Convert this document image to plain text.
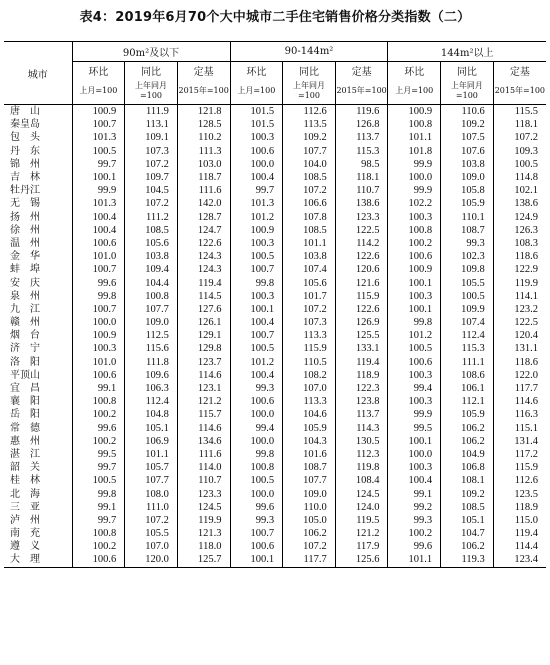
表4：2019年6月70个大中城市二手住宅销售价格分类指数（二）
城市	90m²及以下			90-144m²			144m²以上		
	环比	同比	定基	环比	同比	定基	环比	同比	定基
	上月=100	上年同月=100	2015年=100	上月=100	上年同月=100	2015年=100	上月=100	上年同月=100	2015年=100
唐　山	100.9	111.9	121.8	101.5	112.6	119.6	100.9	110.6	115.5
秦皇岛	100.7	113.1	128.5	101.5	113.5	126.8	100.8	109.2	118.1
包　头	101.3	109.1	110.2	100.3	109.2	113.7	101.1	107.5	107.2
丹　东	100.5	107.3	111.3	100.6	107.7	115.3	101.8	107.6	109.3
锦　州	99.7	107.2	103.0	100.0	104.0	98.5	99.9	103.8	100.5
吉　林	100.1	109.7	118.7	100.4	108.5	118.1	100.0	109.0	114.8
牡丹江	99.9	104.5	111.6	99.7	107.2	110.7	99.9	105.8	102.1
无　锡	101.3	107.2	142.0	101.3	106.6	138.6	102.2	105.9	138.6
扬　州	100.4	111.2	128.7	101.2	107.8	123.3	100.3	110.1	124.9
徐　州	100.4	108.5	124.7	100.9	108.5	122.5	100.8	108.7	126.3
温　州	100.6	105.6	122.6	100.3	101.1	114.2	100.2	99.3	108.3
金　华	101.0	103.8	124.3	100.5	103.8	122.6	100.6	102.3	118.6
蚌　埠	100.7	109.4	124.3	100.7	107.4	120.6	100.9	109.8	122.9
安　庆	99.6	104.4	119.4	99.8	105.6	121.6	100.1	105.5	119.9
泉　州	99.8	100.8	114.5	100.3	101.7	115.9	100.3	100.5	114.1
九　江	100.7	107.7	127.6	100.1	107.2	122.6	100.1	109.9	123.2
赣　州	100.0	109.0	126.1	100.4	107.3	126.9	99.8	107.4	122.5
烟　台	100.9	112.5	129.1	100.7	113.3	125.5	101.2	112.4	120.4
济　宁	100.3	115.6	129.8	100.5	115.9	133.1	100.5	115.3	131.1
洛　阳	101.0	111.8	123.7	101.2	110.5	119.4	100.6	111.1	118.6
平顶山	100.6	109.6	114.6	100.4	108.2	118.9	100.3	108.6	122.0
宜　昌	99.1	106.3	123.1	99.3	107.0	122.3	99.4	106.1	117.7
襄　阳	100.8	112.4	121.2	100.6	113.3	123.8	100.3	112.1	114.6
岳　阳	100.2	104.8	115.7	100.0	104.6	113.7	99.9	105.9	116.3
常　德	99.6	105.1	114.6	99.4	105.9	114.3	99.5	106.2	115.1
惠　州	100.2	106.9	134.6	100.0	104.3	130.5	100.1	106.2	131.4
湛　江	99.5	101.1	111.6	99.8	101.6	112.3	100.0	104.9	117.2
韶　关	99.7	105.7	114.0	100.8	108.7	119.8	100.3	106.8	115.9
桂　林	100.5	107.7	110.7	100.5	107.7	108.4	100.4	108.1	112.6
北　海	99.8	108.0	123.3	100.0	109.0	124.5	99.1	109.2	123.5
三　亚	99.1	111.0	124.5	99.6	110.0	124.0	99.2	108.5	118.9
泸　州	99.7	107.2	119.9	99.3	105.0	119.5	99.3	105.1	115.0
南　充	100.8	105.5	121.3	100.7	106.2	121.2	100.2	104.7	119.4
遵　义	100.2	107.0	118.0	100.6	107.2	117.9	99.6	106.2	114.4
大　理	100.6	120.0	125.7	100.1	117.7	125.6	101.1	119.3	123.4
